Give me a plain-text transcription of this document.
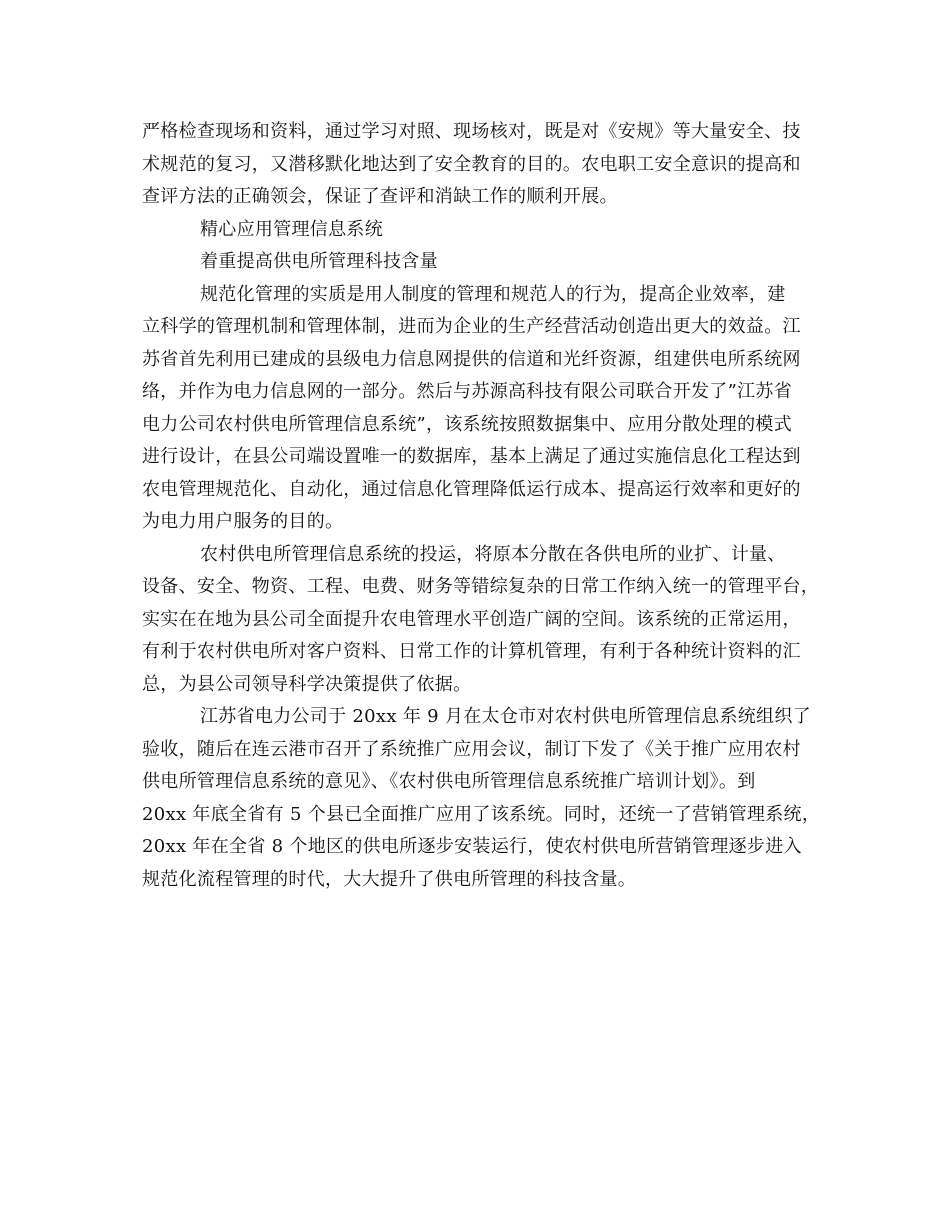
严格检查现场和资料，通过学习对照、现场核对，既是对《安规》等大量安全、技
术规范的复习，又潜移默化地达到了安全教育的目的。农电职工安全意识的提高和
查评方法的正确领会，保证了查评和消缺工作的顺利开展。
精心应用管理信息系统
着重提高供电所管理科技含量
规范化管理的实质是用人制度的管理和规范人的行为，提高企业效率，建
立科学的管理机制和管理体制，进而为企业的生产经营活动创造出更大的效益。江
苏省首先利用已建成的县级电力信息网提供的信道和光纤资源，组建供电所系统网
络，并作为电力信息网的一部分。然后与苏源高科技有限公司联合开发了”江苏省
电力公司农村供电所管理信息系统”，该系统按照数据集中、应用分散处理的模式
进行设计，在县公司端设置唯一的数据库，基本上满足了通过实施信息化工程达到
农电管理规范化、自动化，通过信息化管理降低运行成本、提高运行效率和更好的
为电力用户服务的目的。
农村供电所管理信息系统的投运，将原本分散在各供电所的业扩、计量、
设备、安全、物资、工程、电费、财务等错综复杂的日常工作纳入统一的管理平台，
实实在在地为县公司全面提升农电管理水平创造广阔的空间。该系统的正常运用，
有利于农村供电所对客户资料、日常工作的计算机管理，有利于各种统计资料的汇
总，为县公司领导科学决策提供了依据。
江苏省电力公司于 20xx 年 9 月在太仓市对农村供电所管理信息系统组织了
验收，随后在连云港市召开了系统推广应用会议，制订下发了《关于推广应用农村
供电所管理信息系统的意见》、《农村供电所管理信息系统推广培训计划》。到
20xx 年底全省有 5 个县已全面推广应用了该系统。同时，还统一了营销管理系统，
20xx 年在全省 8 个地区的供电所逐步安装运行，使农村供电所营销管理逐步进入
规范化流程管理的时代，大大提升了供电所管理的科技含量。
